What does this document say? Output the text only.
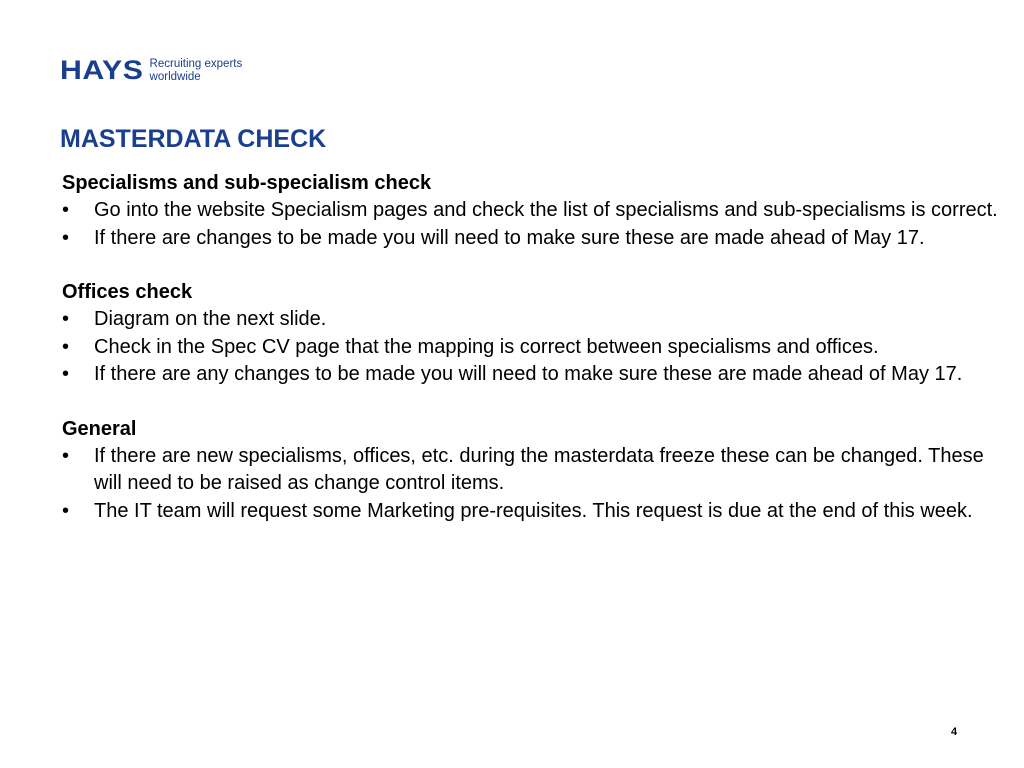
HAYS Recruiting experts
worldwide
MASTERDATA CHECK

Specialisms and sub-specialism check

• Go into the website Specialism pages and check the list of specialisms and sub-specialisms is correct.
• If there are changes to be made you will need to make sure these are made ahead of May 17.

Offices check

• Diagram on the next slide.
• Check in the Spec CV page that the mapping is correct between specialisms and offices.
• If there are any changes to be made you will need to make sure these are made ahead of May 17.

General

• If there are new specialisms, offices, etc. during the masterdata freeze these can be changed. These will need to be raised as change control items.
• The IT team will request some Marketing pre-requisites. This request is due at the end of this week.
4
